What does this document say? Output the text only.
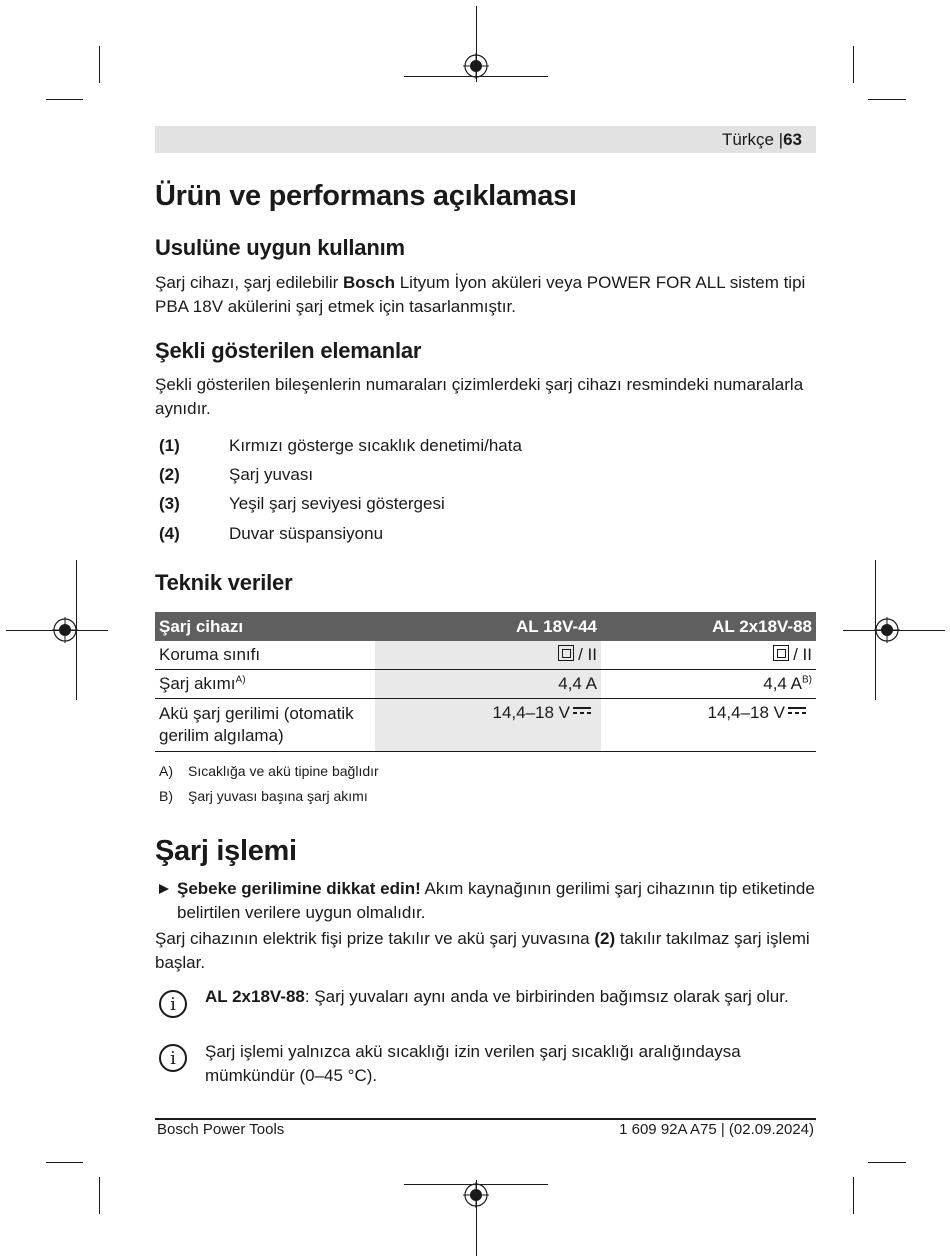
Türkçe |63
Ürün ve performans açıklaması
Usulüne uygun kullanım

Şarj cihazı, şarj edilebilir Bosch Lityum İyon aküleri veya POWER FOR ALL sistem tipi PBA 18V akülerini şarj etmek için tasarlanmıştır.

Şekli gösterilen elemanlar

Şekli gösterilen bileşenlerin numaraları çizimlerdeki şarj cihazı resmindeki numaralarla aynıdır.

(1)	Kırmızı gösterge sıcaklık denetimi/hata
(2)	Şarj yuvası
(3)	Yeşil şarj seviyesi göstergesi
(4)	Duvar süspansiyonu
Teknik veriler
Şarj cihazı	AL 18V-44	AL 2x18V-88
Koruma sınıfı	/ II	/ II
Şarj akımı$^{A)}$	4,4 A	4,4 $A^{B)}$
Akü şarj gerilimi (otomatik gerilim algılama)	14,4–18 V	14,4–18 V
A) Sıcaklığa ve akü tipine bağlıdır
B) Şarj yuvası başına şarj akımı
Şarj işlemi
Şebeke gerilimine dikkat edin! Akım kaynağının gerilimi şarj cihazının tip etiketinde belirtilen verilere uygun olmalıdır.

Şarj cihazının elektrik fişi prize takılır ve akü şarj yuvasına (2) takılır takılmaz şarj işlemi başlar.

i	AL 2x18V-88: Şarj yuvaları aynı anda ve birbirinden bağımsız olarak şarj olur.
i	Şarj işlemi yalnızca akü sıcaklığı izin verilen şarj sıcaklığı aralığındaysa mümkündür (0–45 °C).
Bosch Power Tools	1 609 92A A75 | (02.09.2024)
